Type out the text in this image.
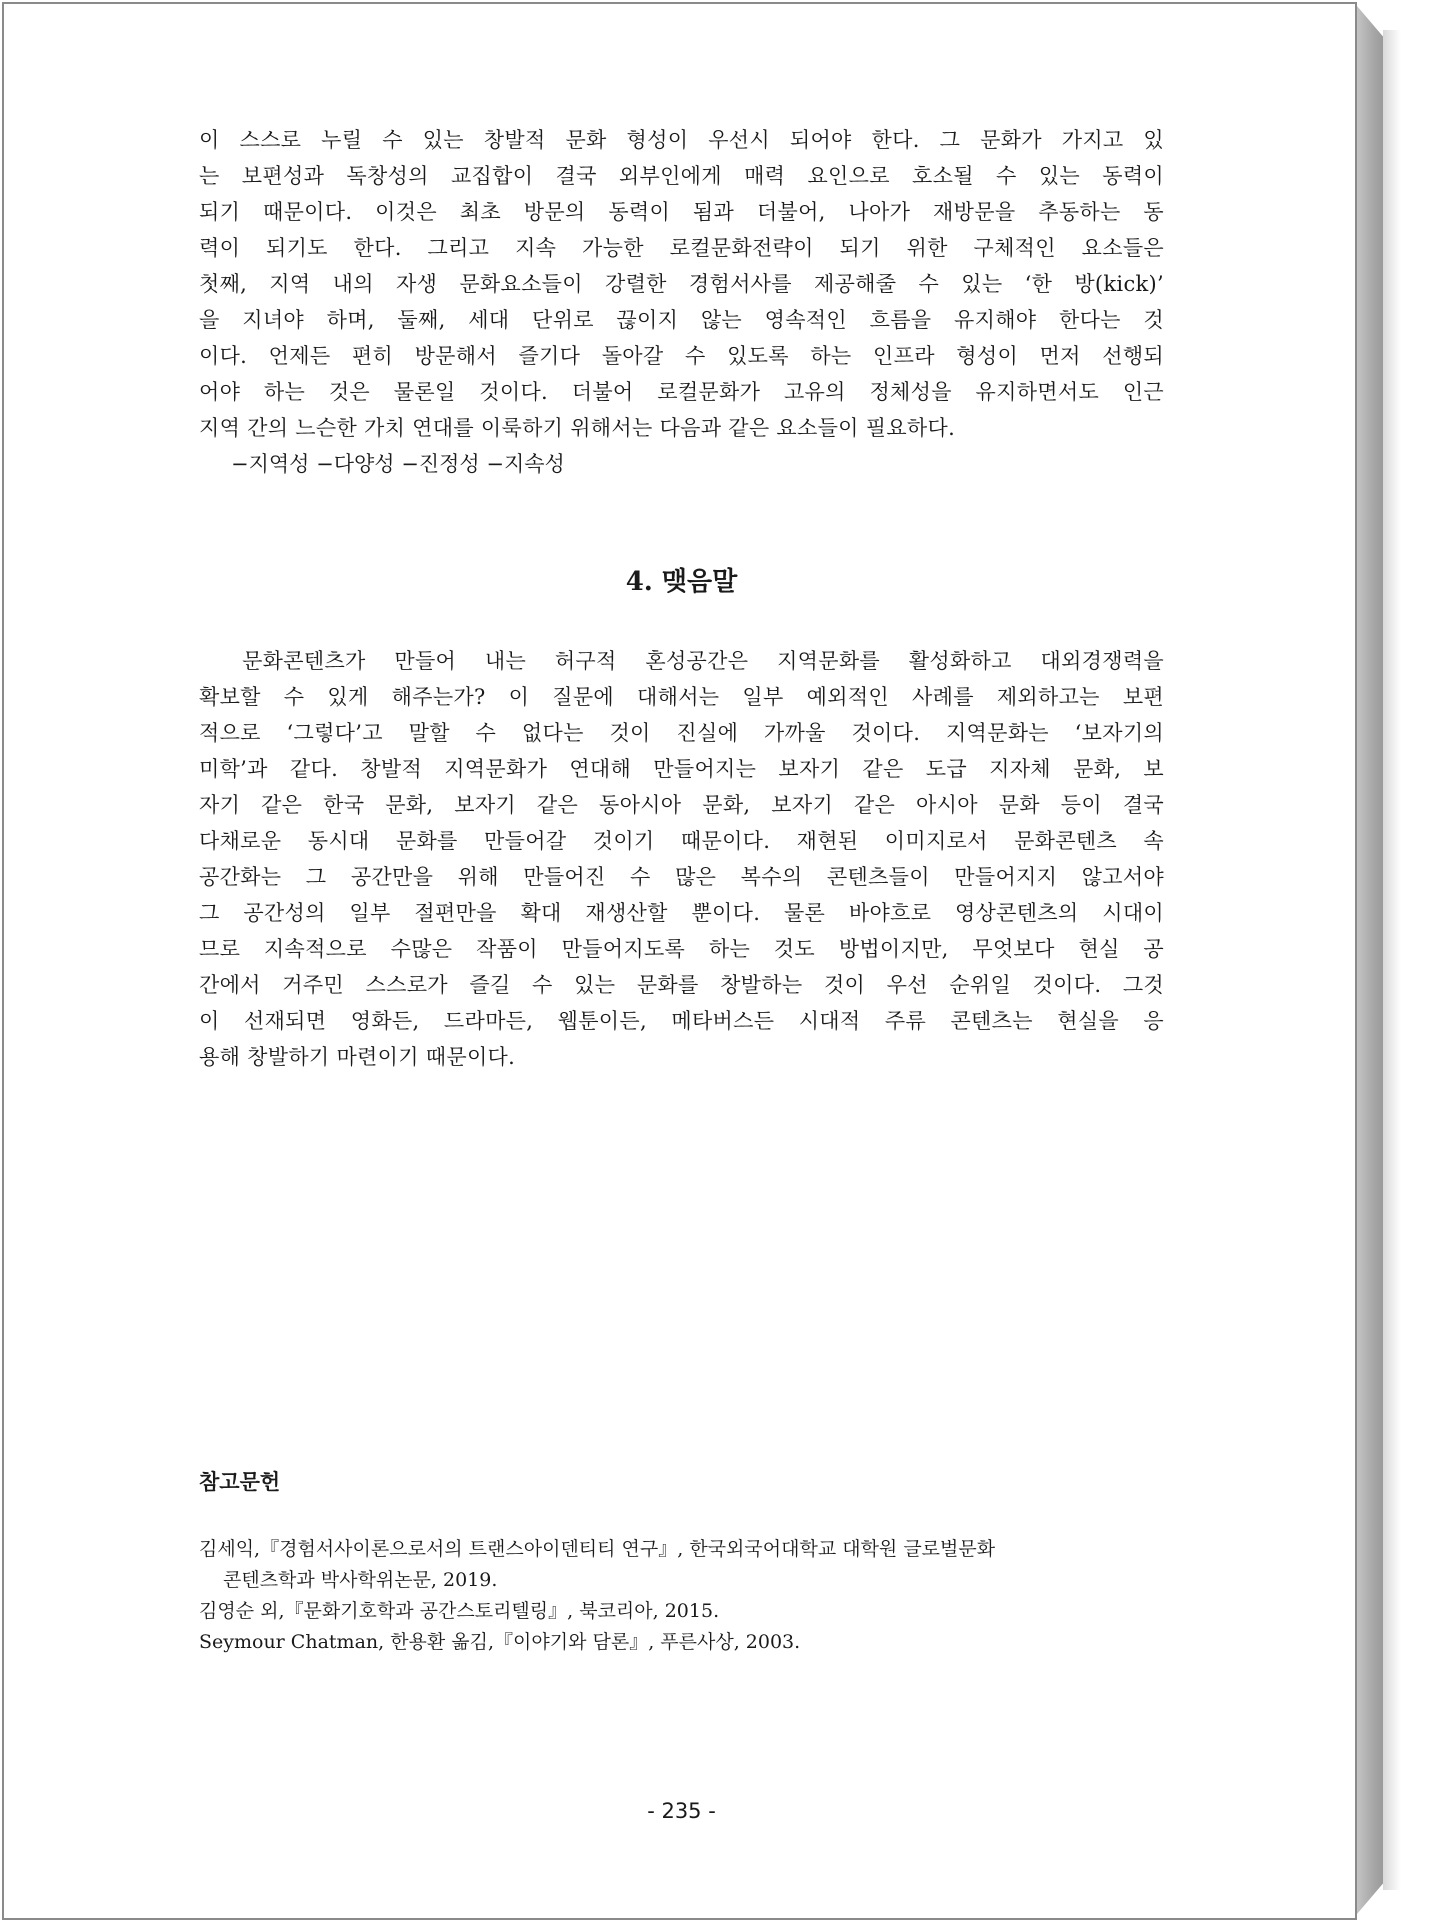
이 스스로 누릴 수 있는 창발적 문화 형성이 우선시 되어야 한다. 그 문화가 가지고 있
는 보편성과 독창성의 교집합이 결국 외부인에게 매력 요인으로 호소될 수 있는 동력이
되기 때문이다. 이것은 최초 방문의 동력이 됨과 더불어, 나아가 재방문을 추동하는 동
력이 되기도 한다. 그리고 지속 가능한 로컬문화전략이 되기 위한 구체적인 요소들은
첫째, 지역 내의 자생 문화요소들이 강렬한 경험서사를 제공해줄 수 있는 ‘한 방(kick)’
을 지녀야 하며, 둘째, 세대 단위로 끊이지 않는 영속적인 흐름을 유지해야 한다는 것
이다. 언제든 편히 방문해서 즐기다 돌아갈 수 있도록 하는 인프라 형성이 먼저 선행되
어야 하는 것은 물론일 것이다. 더불어 로컬문화가 고유의 정체성을 유지하면서도 인근
지역 간의 느슨한 가치 연대를 이룩하기 위해서는 다음과 같은 요소들이 필요하다.

−지역성 −다양성 −진정성 −지속성

4. 맺음말

　문화콘텐츠가 만들어 내는 허구적 혼성공간은 지역문화를 활성화하고 대외경쟁력을
확보할 수 있게 해주는가? 이 질문에 대해서는 일부 예외적인 사례를 제외하고는 보편
적으로 ‘그렇다’고 말할 수 없다는 것이 진실에 가까울 것이다. 지역문화는 ‘보자기의
미학’과 같다. 창발적 지역문화가 연대해 만들어지는 보자기 같은 도급 지자체 문화, 보
자기 같은 한국 문화, 보자기 같은 동아시아 문화, 보자기 같은 아시아 문화 등이 결국
다채로운 동시대 문화를 만들어갈 것이기 때문이다. 재현된 이미지로서 문화콘텐츠 속
공간화는 그 공간만을 위해 만들어진 수 많은 복수의 콘텐츠들이 만들어지지 않고서야
그 공간성의 일부 절편만을 확대 재생산할 뿐이다. 물론 바야흐로 영상콘텐츠의 시대이
므로 지속적으로 수많은 작품이 만들어지도록 하는 것도 방법이지만, 무엇보다 현실 공
간에서 거주민 스스로가 즐길 수 있는 문화를 창발하는 것이 우선 순위일 것이다. 그것
이 선재되면 영화든, 드라마든, 웹툰이든, 메타버스든 시대적 주류 콘텐츠는 현실을 응
용해 창발하기 마련이기 때문이다.

참고문헌
김세익,『경험서사이론으로서의 트랜스아이덴티티 연구』, 한국외국어대학교 대학원 글로벌문화
콘텐츠학과 박사학위논문, 2019.
김영순 외,『문화기호학과 공간스토리텔링』, 북코리아, 2015.
Seymour Chatman, 한용환 옮김,『이야기와 담론』, 푸른사상, 2003.
- 235 -
